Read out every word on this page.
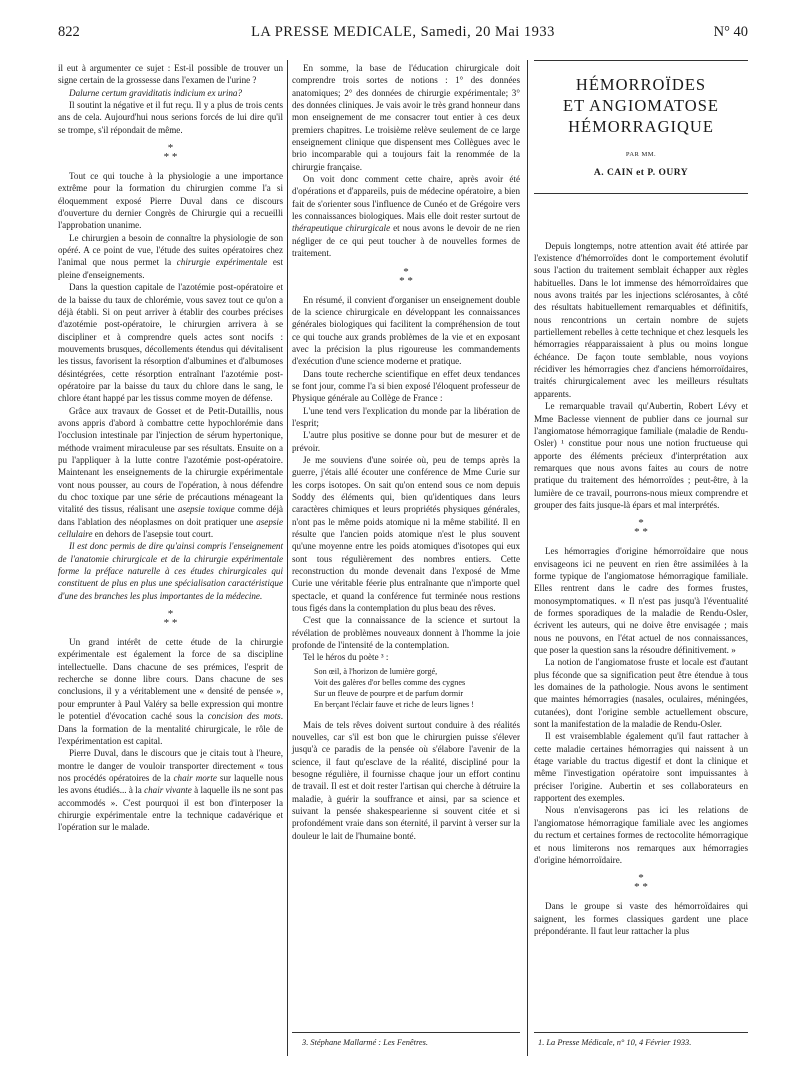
822	LA PRESSE MEDICALE, Samedi, 20 Mai 1933	N° 40

il eut à argumenter ce sujet : Est-il possible de trouver un signe certain de la grossesse dans l'examen de l'urine ?

Dalurne certum graviditatis indicium ex urina?

Il soutint la négative et il fut reçu. Il y a plus de trois cents ans de cela. Aujourd'hui nous serions forcés de lui dire qu'il se trompe, s'il répondait de même.

*
* *

Tout ce qui touche à la physiologie a une importance extrême pour la formation du chirurgien comme l'a si éloquemment exposé Pierre Duval dans ce discours d'ouverture du dernier Congrès de Chirurgie qui a recueilli l'approbation unanime.

Le chirurgien a besoin de connaître la physiologie de son opéré. A ce point de vue, l'étude des suites opératoires chez l'animal que nous permet la chirurgie expérimentale est pleine d'enseignements.

Dans la question capitale de l'azotémie post-opératoire et de la baisse du taux de chlorémie, vous savez tout ce qu'on a déjà établi. Si on peut arriver à établir des courbes précises d'azotémie post-opératoire, le chirurgien arrivera à se discipliner et à comprendre quels actes sont nocifs : mouvements brusques, décollements étendus qui dévitalisent les tissus, favorisent la résorption d'albumines et d'albumoses désintégrées, cette résorption entraînant l'azotémie post-opératoire par la baisse du taux du chlore dans le sang, le chlore étant happé par les tissus comme moyen de défense.

Grâce aux travaux de Gosset et de Petit-Dutaillis, nous avons appris d'abord à combattre cette hypochlorémie dans l'occlusion intestinale par l'injection de sérum hypertonique, méthode vraiment miraculeuse par ses résultats. Ensuite on a pu l'appliquer à la lutte contre l'azotémie post-opératoire. Maintenant les enseignements de la chirurgie expérimentale vont nous pousser, au cours de l'opération, à nous défendre du choc toxique par une série de précautions ménageant la vitalité des tissus, réalisant une asepsie toxique comme déjà dans l'ablation des néoplasmes on doit pratiquer une asepsie cellulaire en dehors de l'asepsie tout court.

Il est donc permis de dire qu'ainsi compris l'enseignement de l'anatomie chirurgicale et de la chirurgie expérimentale forme la préface naturelle à ces études chirurgicales qui constituent de plus en plus une spécialisation caractéristique d'une des branches les plus importantes de la médecine.

*
* *

Un grand intérêt de cette étude de la chirurgie expérimentale est également la force de sa discipline intellectuelle. Dans chacune de ses prémices, l'esprit de recherche se donne libre cours. Dans chacune de ses conclusions, il y a véritablement une « densité de pensée », pour emprunter à Paul Valéry sa belle expression qui montre le potentiel d'évocation caché sous la concision des mots. Dans la formation de la mentalité chirurgicale, le rôle de l'expérimentation est capital.

Pierre Duval, dans le discours que je citais tout à l'heure, montre le danger de vouloir transporter directement « tous nos procédés opératoires de la chair morte sur laquelle nous les avons étudiés... à la chair vivante à laquelle ils ne sont pas accommodés ». C'est pourquoi il est bon d'interposer la chirurgie expérimentale entre la technique cadavérique et l'opération sur le malade.

En somme, la base de l'éducation chirurgicale doit comprendre trois sortes de notions : 1° des données anatomiques; 2° des données de chirurgie expérimentale; 3° des données cliniques. Je vais avoir le très grand honneur dans mon enseignement de me consacrer tout entier à ces deux premiers chapitres. Le troisième relève seulement de ce large enseignement clinique que dispensent mes Collègues avec le brio incomparable qui a toujours fait la renommée de la chirurgie française.

On voit donc comment cette chaire, après avoir été d'opérations et d'appareils, puis de médecine opératoire, a bien fait de s'orienter sous l'influence de Cunéo et de Grégoire vers les connaissances biologiques. Mais elle doit rester surtout de thérapeutique chirurgicale et nous avons le devoir de ne rien négliger de ce qui peut toucher à de nouvelles formes de traitement.

*
* *

En résumé, il convient d'organiser un enseignement double de la science chirurgicale en développant les connaissances générales biologiques qui facilitent la compréhension de tout ce qui touche aux grands problèmes de la vie et en exposant avec la précision la plus rigoureuse les commandements d'exécution d'une science moderne et pratique.

Dans toute recherche scientifique en effet deux tendances se font jour, comme l'a si bien exposé l'éloquent professeur de Physique générale au Collège de France :

L'une tend vers l'explication du monde par la libération de l'esprit;

L'autre plus positive se donne pour but de mesurer et de prévoir.

Je me souviens d'une soirée où, peu de temps après la guerre, j'étais allé écouter une conférence de Mme Curie sur les corps isotopes. On sait qu'on entend sous ce nom depuis Soddy des éléments qui, bien qu'identiques dans leurs caractères chimiques et leurs propriétés physiques générales, n'ont pas le même poids atomique ni la même stabilité. Il en résulte que l'ancien poids atomique n'est le plus souvent qu'une moyenne entre les poids atomiques d'isotopes qui eux sont tous régulièrement des nombres entiers. Cette reconstruction du monde devenait dans l'exposé de Mme Curie une véritable féerie plus entraînante que n'importe quel spectacle, et quand la conférence fut terminée nous restions tous figés dans la contemplation du plus beau des rêves.

C'est que la connaissance de la science et surtout la révélation de problèmes nouveaux donnent à l'homme la joie profonde de l'intensité de la contemplation.

Tel le héros du poète ³ :

Son œil, à l'horizon de lumière gorgé,
Voit des galères d'or belles comme des cygnes
Sur un fleuve de pourpre et de parfum dormir
En berçant l'éclair fauve et riche de leurs lignes !

Mais de tels rêves doivent surtout conduire à des réalités nouvelles, car s'il est bon que le chirurgien puisse s'élever jusqu'à ce paradis de la pensée où s'élabore l'avenir de la science, il faut qu'esclave de la réalité, discipliné pour la besogne régulière, il fournisse chaque jour un effort continu de travail. Il est et doit rester l'artisan qui cherche à détruire la maladie, à guérir la souffrance et ainsi, par sa science et suivant la pensée shakespearienne si souvent citée et si profondément vraie dans son éternité, il parvint à verser sur la douleur le lait de l'humaine bonté.

HÉMORROÏDES
ET ANGIOMATOSE
HÉMORRAGIQUE
PAR MM.
A. CAIN et P. OURY

Depuis longtemps, notre attention avait été attirée par l'existence d'hémorroïdes dont le comportement évolutif sous l'action du traitement semblait échapper aux règles habituelles. Dans le lot immense des hémorroïdaires que nous avons traités par les injections sclérosantes, à côté des résultats habituellement remarquables et définitifs, nous rencontrions un certain nombre de sujets partiellement rebelles à cette technique et chez lesquels les hémorragies réapparaissaient à plus ou moins longue échéance. De façon toute semblable, nous voyions récidiver les hémorragies chez d'anciens hémorroïdaires, traités chirurgicalement avec les meilleurs résultats apparents.

Le remarquable travail qu'Aubertin, Robert Lévy et Mme Baclesse viennent de publier dans ce journal sur l'angiomatose hémorragique familiale (maladie de Rendu-Osler) ¹ constitue pour nous une notion fructueuse qui apporte des éléments précieux d'interprétation aux remarques que nous avons faites au cours de notre pratique du traitement des hémorroïdes ; peut-être, à la lumière de ce travail, pourrons-nous mieux comprendre et grouper des faits jusque-là épars et mal interprétés.

*
* *

Les hémorragies d'origine hémorroïdaire que nous envisageons ici ne peuvent en rien être assimilées à la forme typique de l'angiomatose hémorragique familiale. Elles rentrent dans le cadre des formes frustes, monosymptomatiques. « Il n'est pas jusqu'à l'éventualité de formes sporadiques de la maladie de Rendu-Osler, écrivent les auteurs, qui ne doive être envisagée ; mais nous ne pouvons, en l'état actuel de nos connaissances, que poser la question sans la résoudre définitivement. »

La notion de l'angiomatose fruste et locale est d'autant plus féconde que sa signification peut être étendue à tous les domaines de la pathologie. Nous avons le sentiment que maintes hémorragies (nasales, oculaires, méningées, cutanées), dont l'origine semble actuellement obscure, sont la manifestation de la maladie de Rendu-Osler.

Il est vraisemblable également qu'il faut rattacher à cette maladie certaines hémorragies qui naissent à un étage variable du tractus digestif et dont la clinique et même l'investigation opératoire sont impuissantes à préciser l'origine. Aubertin et ses collaborateurs en rapportent des exemples.

Nous n'envisagerons pas ici les relations de l'angiomatose hémorragique familiale avec les angiomes du rectum et certaines formes de rectocolite hémorragique et nous limiterons nos remarques aux hémorragies d'origine hémorroïdaire.

*
* *

Dans le groupe si vaste des hémorroïdaires qui saignent, les formes classiques gardent une place prépondérante. Il faut leur rattacher la plus

3. Stéphane Mallarmé : Les Fenêtres.	1. La Presse Médicale, n° 10, 4 Février 1933.
